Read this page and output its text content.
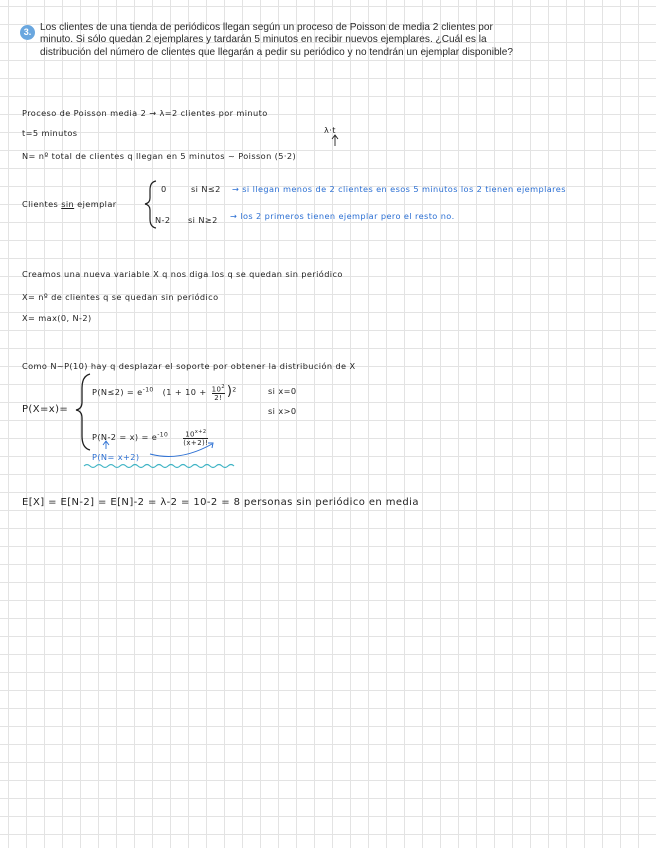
3. Los clientes de una tienda de periódicos llegan según un proceso de Poisson de media 2 clientes por minuto. Si sólo quedan 2 ejemplares y tardarán 5 minutos en recibir nuevos ejemplares. ¿Cuál es la distribución del número de clientes que llegarán a pedir su periódico y no tendrán un ejemplar disponible?
Proceso de Poisson media 2 → λ=2 clientes por minuto
t=5 minutos	λ·t
N= nº total de clientes q llegan en 5 minutos ~ Poisson (5·2)
Clientes sin ejemplar
0	si N≤2 → si llegan menos de 2 clientes en esos 5 minutos los 2 tienen ejemplares
N-2 si N≥2 → los 2 primeros tienen ejemplar pero el resto no.
Creamos una nueva variable X q nos diga los q se quedan sin periódico
X= nº de clientes q se quedan sin periódico
X= max(0, N-2)
Como N~P(10) hay q desplazar el soporte por obtener la distribución de X
P(X=x)=
$P(N\le 2) = e^{-10}$ $(1 + 10 + \frac{10^2}{2!} )^2$	si x=0
si x>0
$P(N-2 = x) = e^{-10} \frac{10^{x+2}}{(x+2)!}$
P(N= x+2)
E[X] = E[N-2] = E[N]-2 = λ-2 = 10-2 = 8 personas sin periódico en media
